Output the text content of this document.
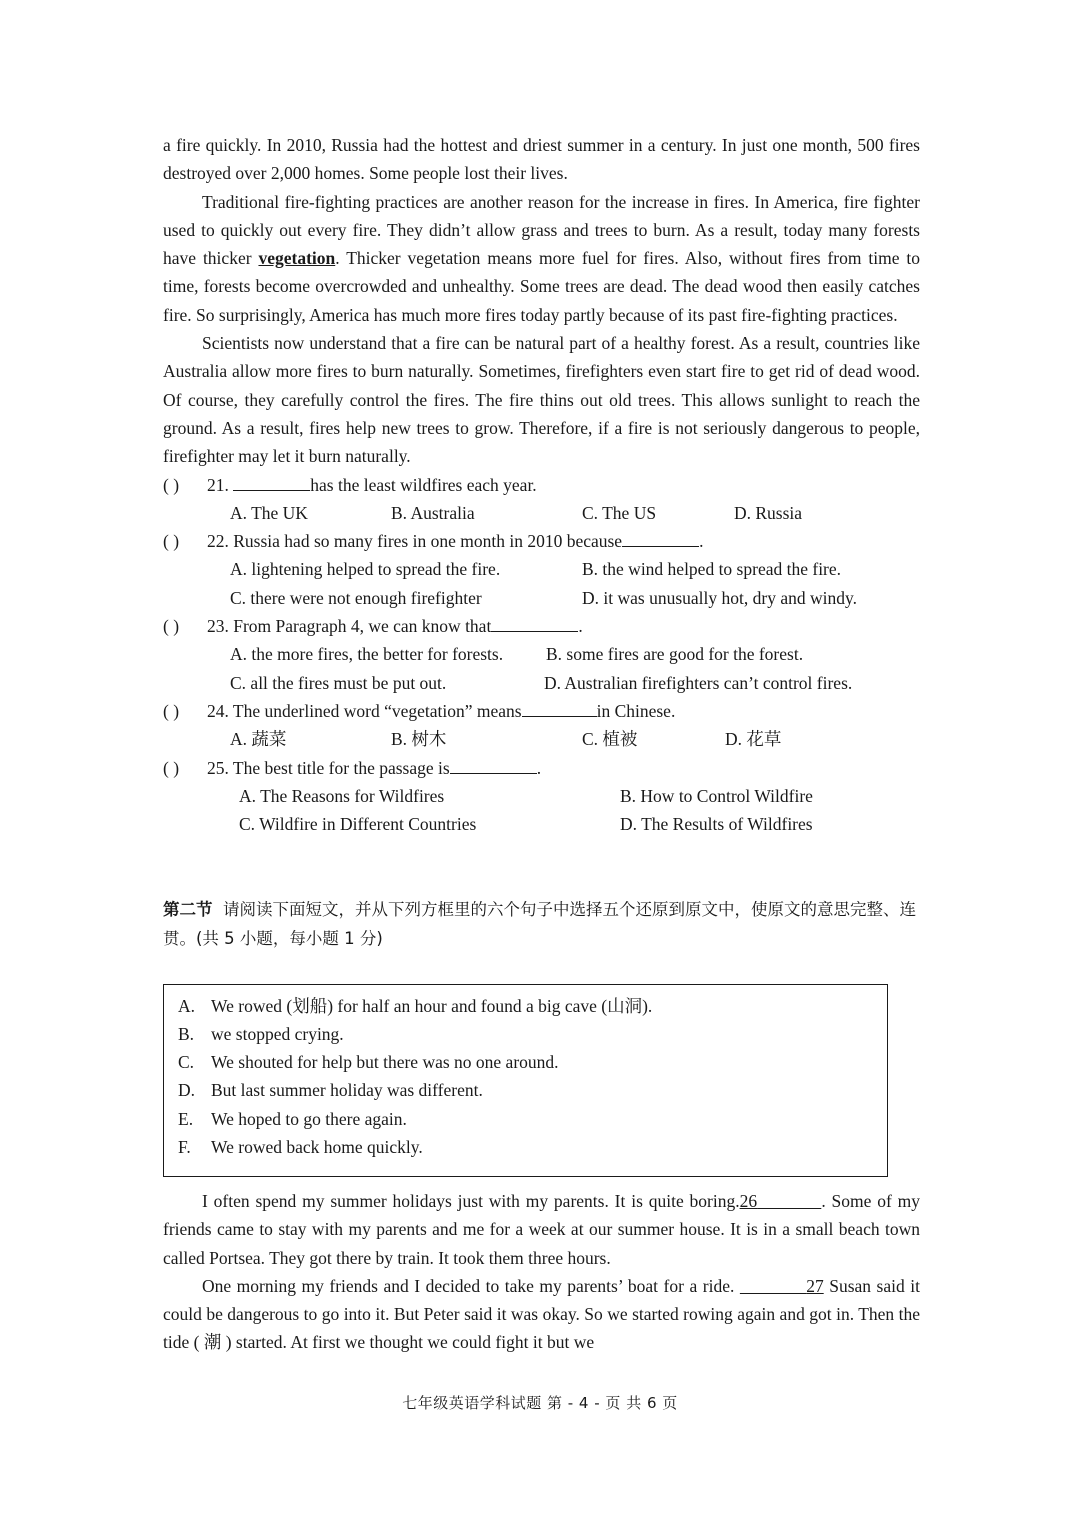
a fire quickly. In 2010, Russia had the hottest and driest summer in a century. In just one month, 500 fires destroyed over 2,000 homes. Some people lost their lives.

Traditional fire-fighting practices are another reason for the increase in fires. In America, fire fighter used to quickly out every fire. They didn’t allow grass and trees to burn. As a result, today many forests have thicker vegetation. Thicker vegetation means more fuel for fires. Also, without fires from time to time, forests become overcrowded and unhealthy. Some trees are dead. The dead wood then easily catches fire. So surprisingly, America has much more fires today partly because of its past fire-fighting practices.

Scientists now understand that a fire can be natural part of a healthy forest. As a result, countries like Australia allow more fires to burn naturally. Sometimes, firefighters even start fire to get rid of dead wood. Of course, they carefully control the fires. The fire thins out old trees. This allows sunlight to reach the ground. As a result, fires help new trees to grow. Therefore, if a fire is not seriously dangerous to people, firefighter may let it burn naturally.

( ) 21.	has the least wildfires each year.
A. The UK	B. Australia	C. The US	D. Russia
( ) 22. Russia had so many fires in one month in 2010 because	.
A. lightening helped to spread the fire.	B. the wind helped to spread the fire.
C. there were not enough firefighter	D. it was unusually hot, dry and windy.
( ) 23. From Paragraph 4, we can know that	.
A. the more fires, the better for forests. B. some fires are good for the forest.
C. all the fires must be put out.	D. Australian firefighters can’t control fires.
( ) 24. The underlined word “vegetation” means	in Chinese.
A. 蔬菜	B. 树木	C. 植被	D. 花草
( ) 25. The best title for the passage is	.
A. The Reasons for Wildfires	B. How to Control Wildfire
C. Wildfire in Different Countries	D. The Results of Wildfires

第二节 请阅读下面短文，并从下列方框里的六个句子中选择五个还原到原文中，使原文的意思完整、连贯。(共 5 小题，每小题 1 分)

A. We rowed (划船) for half an hour and found a big cave (山洞).
B. we stopped crying.
C. We shouted for help but there was no one around.
D. But last summer holiday was different.
E. We hoped to go there again.
F. We rowed back home quickly.

I often spend my summer holidays just with my parents. It is quite boring.26	. Some of my friends came to stay with my parents and me for a week at our summer house. It is in a small beach town called Portsea. They got there by train. It took them three hours.

One morning my friends and I decided to take my parents’ boat for a ride.	27 Susan said it could be dangerous to go into it. But Peter said it was okay. So we started rowing again and got in. Then the tide ( 潮 ) started. At first we thought we could fight it but we

七年级英语学科试题 第 - 4 - 页 共 6 页
